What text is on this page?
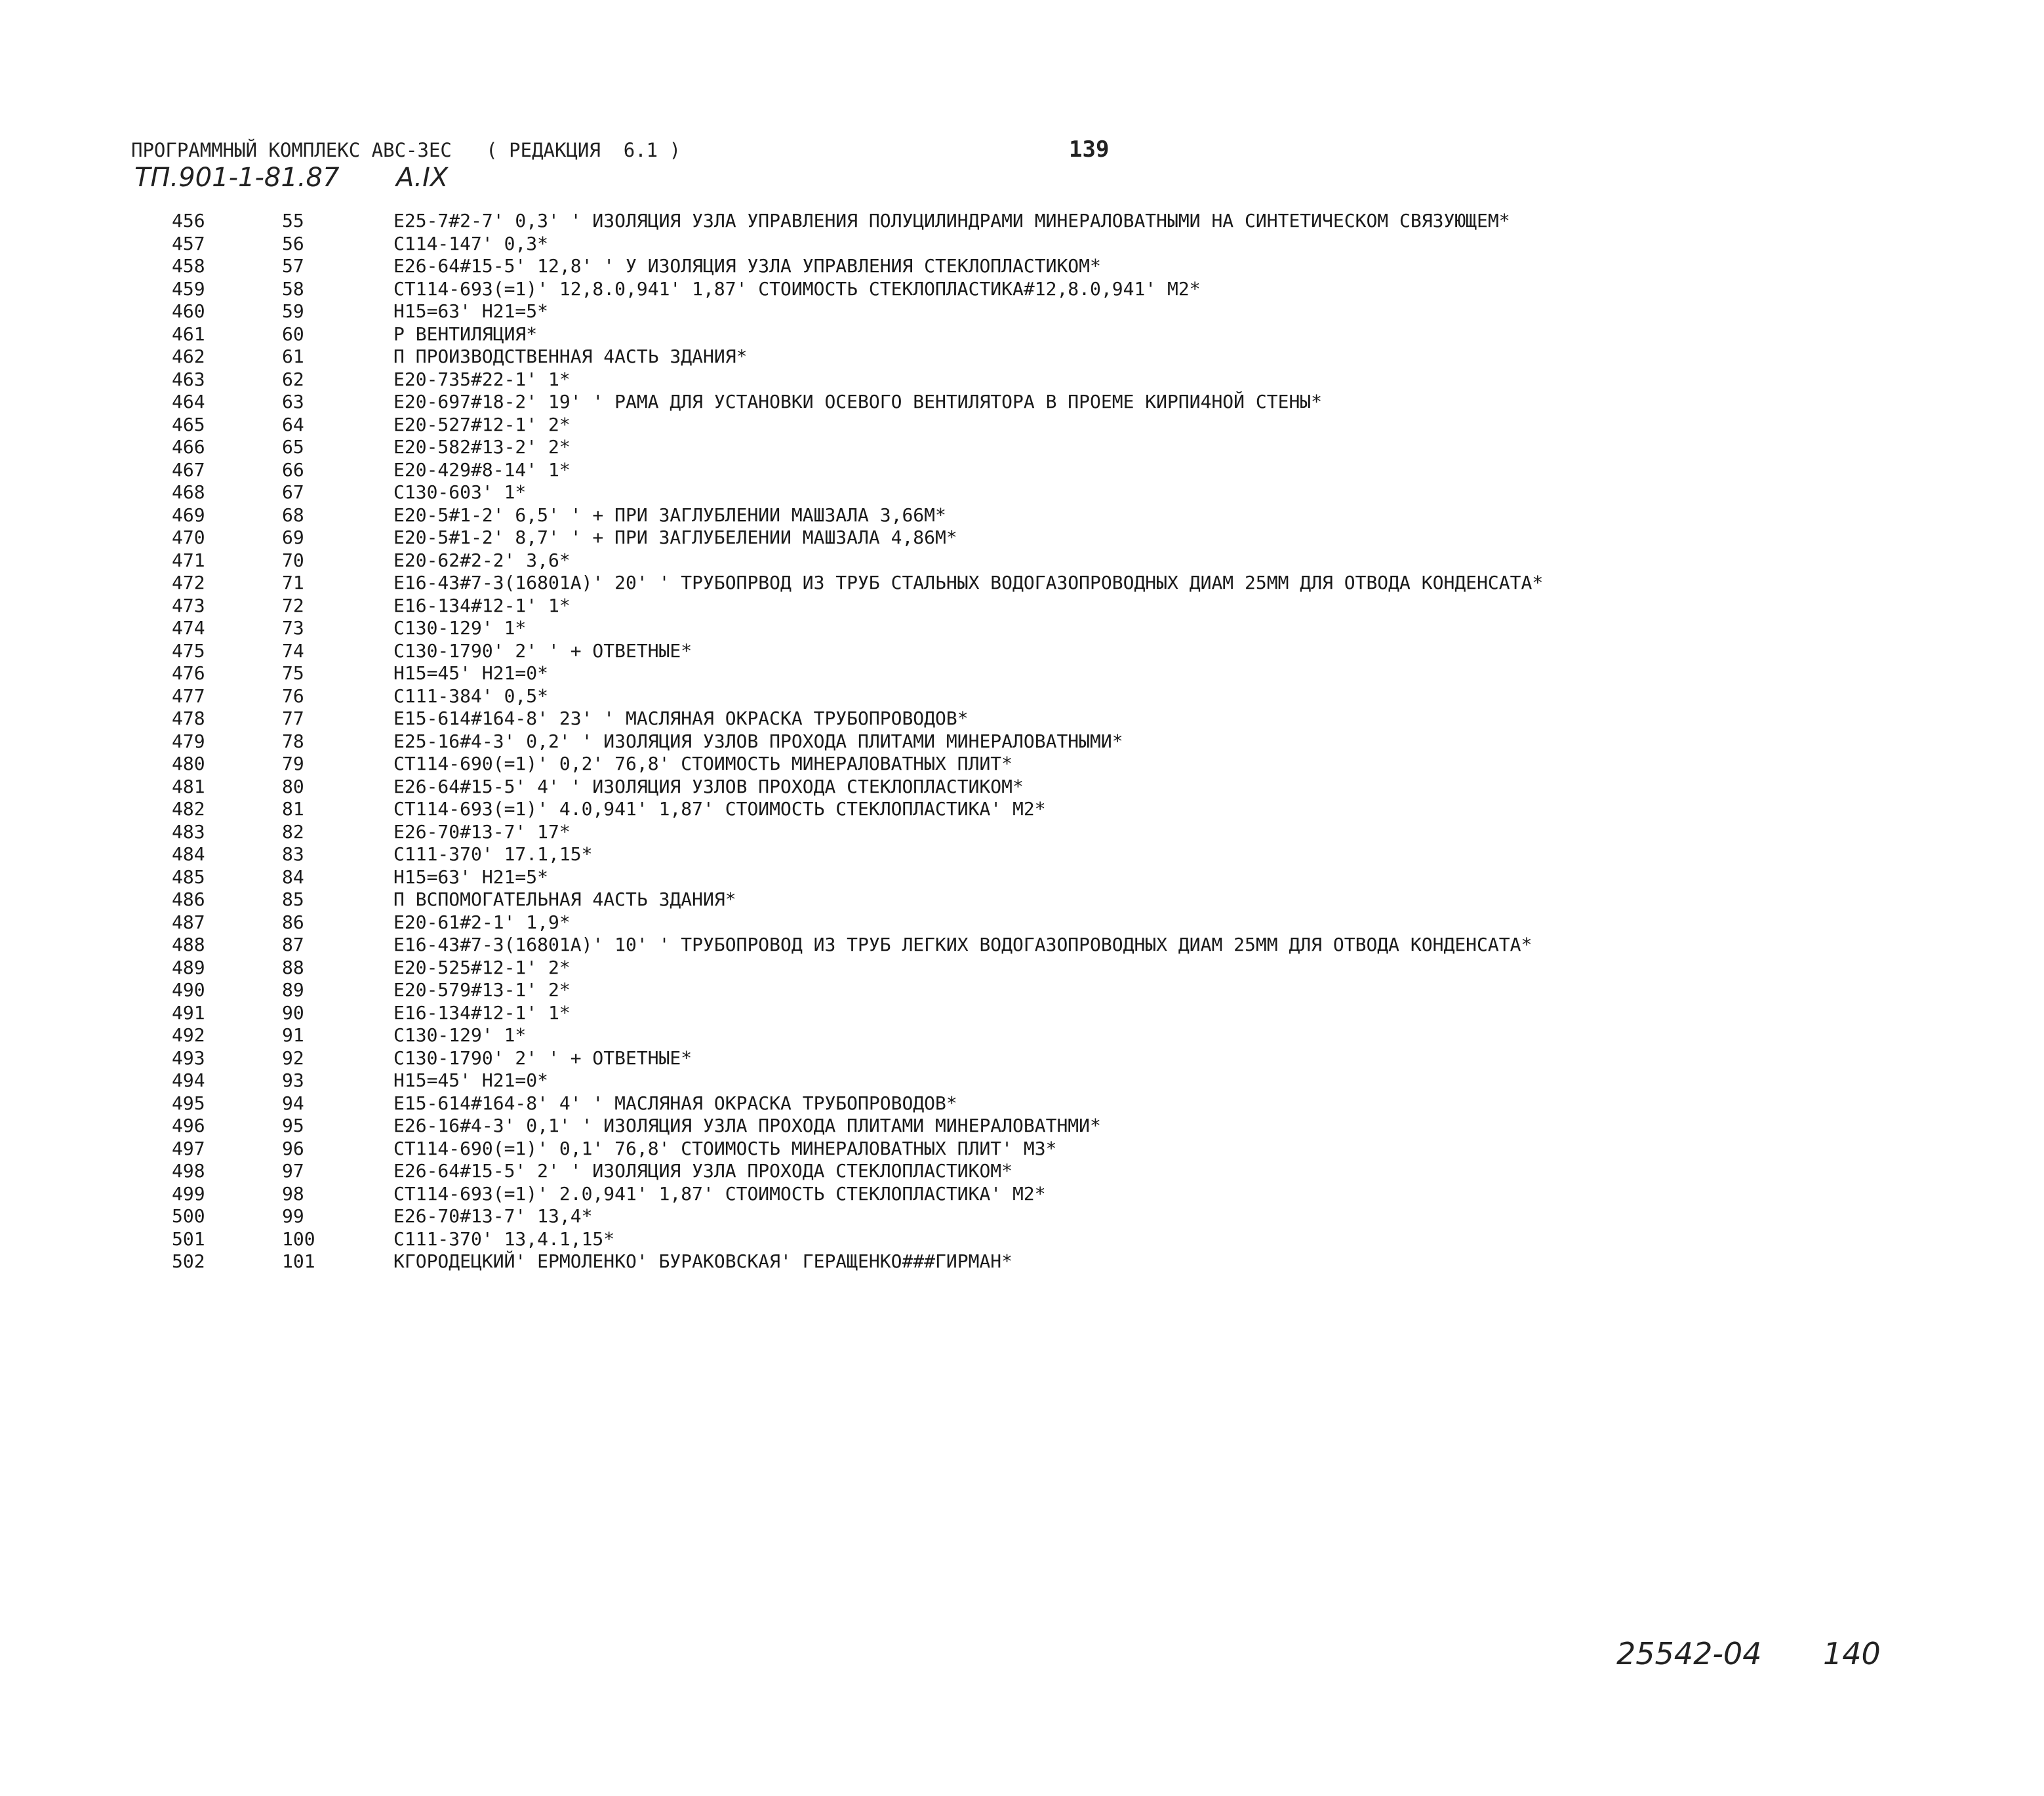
ПРОГРАММНЫЙ КОМПЛЕКС АВС-ЗЕС   ( РЕДАКЦИЯ  6.1 )	139
ТП.901-1-81.87 А.IX
456	55	Е25-7#2-7' 0,3' ' ИЗОЛЯЦИЯ УЗЛА УПРАВЛЕНИЯ ПОЛУЦИЛИНДРАМИ МИНЕРАЛОВАТНЫМИ НА СИНТЕТИЧЕСКОМ СВЯЗУЮЩЕМ*
457	56	С114-147' 0,3*
458	57	Е26-64#15-5' 12,8' ' У ИЗОЛЯЦИЯ УЗЛА УПРАВЛЕНИЯ СТЕКЛОПЛАСТИКОМ*
459	58	СТ114-693(=1)' 12,8.0,941' 1,87' СТОИМОСТЬ СТЕКЛОПЛАСТИКА#12,8.0,941' М2*
460	59	Н15=63' Н21=5*
461	60	Р ВЕНТИЛЯЦИЯ*
462	61	П ПРОИЗВОДСТВЕННАЯ 4АСТЬ ЗДАНИЯ*
463	62	Е20-735#22-1' 1*
464	63	Е20-697#18-2' 19' ' РАМА ДЛЯ УСТАНОВКИ ОСЕВОГО ВЕНТИЛЯТОРА В ПРОЕМЕ КИРПИ4НОЙ СТЕНЫ*
465	64	Е20-527#12-1' 2*
466	65	Е20-582#13-2' 2*
467	66	Е20-429#8-14' 1*
468	67	С130-603' 1*
469	68	Е20-5#1-2' 6,5' ' + ПРИ ЗАГЛУБЛЕНИИ МАШЗАЛА 3,66М*
470	69	Е20-5#1-2' 8,7' ' + ПРИ ЗАГЛУБЕЛЕНИИ МАШЗАЛА 4,86М*
471	70	Е20-62#2-2' 3,6*
472	71	Е16-43#7-3(16801А)' 20' ' ТРУБОПРВОД ИЗ ТРУБ СТАЛЬНЫХ ВОДОГАЗОПРОВОДНЫХ ДИАМ 25ММ ДЛЯ ОТВОДА КОНДЕНСАТА*
473	72	Е16-134#12-1' 1*
474	73	С130-129' 1*
475	74	С130-1790' 2' ' + ОТВЕТНЫЕ*
476	75	Н15=45' Н21=0*
477	76	С111-384' 0,5*
478	77	Е15-614#164-8' 23' ' МАСЛЯНАЯ ОКРАСКА ТРУБОПРОВОДОВ*
479	78	Е25-16#4-3' 0,2' ' ИЗОЛЯЦИЯ УЗЛОВ ПРОХОДА ПЛИТАМИ МИНЕРАЛОВАТНЫМИ*
480	79	СТ114-690(=1)' 0,2' 76,8' СТОИМОСТЬ МИНЕРАЛОВАТНЫХ ПЛИТ*
481	80	Е26-64#15-5' 4' ' ИЗОЛЯЦИЯ УЗЛОВ ПРОХОДА СТЕКЛОПЛАСТИКОМ*
482	81	СТ114-693(=1)' 4.0,941' 1,87' СТОИМОСТЬ СТЕКЛОПЛАСТИКА' М2*
483	82	Е26-70#13-7' 17*
484	83	С111-370' 17.1,15*
485	84	Н15=63' Н21=5*
486	85	П ВСПОМОГАТЕЛЬНАЯ 4АСТЬ ЗДАНИЯ*
487	86	Е20-61#2-1' 1,9*
488	87	Е16-43#7-3(16801А)' 10' ' ТРУБОПРОВОД ИЗ ТРУБ ЛЕГКИХ ВОДОГАЗОПРОВОДНЫХ ДИАМ 25ММ ДЛЯ ОТВОДА КОНДЕНСАТА*
489	88	Е20-525#12-1' 2*
490	89	Е20-579#13-1' 2*
491	90	Е16-134#12-1' 1*
492	91	С130-129' 1*
493	92	С130-1790' 2' ' + ОТВЕТНЫЕ*
494	93	Н15=45' Н21=0*
495	94	Е15-614#164-8' 4' ' МАСЛЯНАЯ ОКРАСКА ТРУБОПРОВОДОВ*
496	95	Е26-16#4-3' 0,1' ' ИЗОЛЯЦИЯ УЗЛА ПРОХОДА ПЛИТАМИ МИНЕРАЛОВАТНМИ*
497	96	СТ114-690(=1)' 0,1' 76,8' СТОИМОСТЬ МИНЕРАЛОВАТНЫХ ПЛИТ' М3*
498	97	Е26-64#15-5' 2' ' ИЗОЛЯЦИЯ УЗЛА ПРОХОДА СТЕКЛОПЛАСТИКОМ*
499	98	СТ114-693(=1)' 2.0,941' 1,87' СТОИМОСТЬ СТЕКЛОПЛАСТИКА' М2*
500	99	Е26-70#13-7' 13,4*
501	100	С111-370' 13,4.1,15*
502	101	КГОРОДЕЦКИЙ' ЕРМОЛЕНКО' БУРАКОВСКАЯ' ГЕРАЩЕНКО###ГИРМАН*
25542-04 140
